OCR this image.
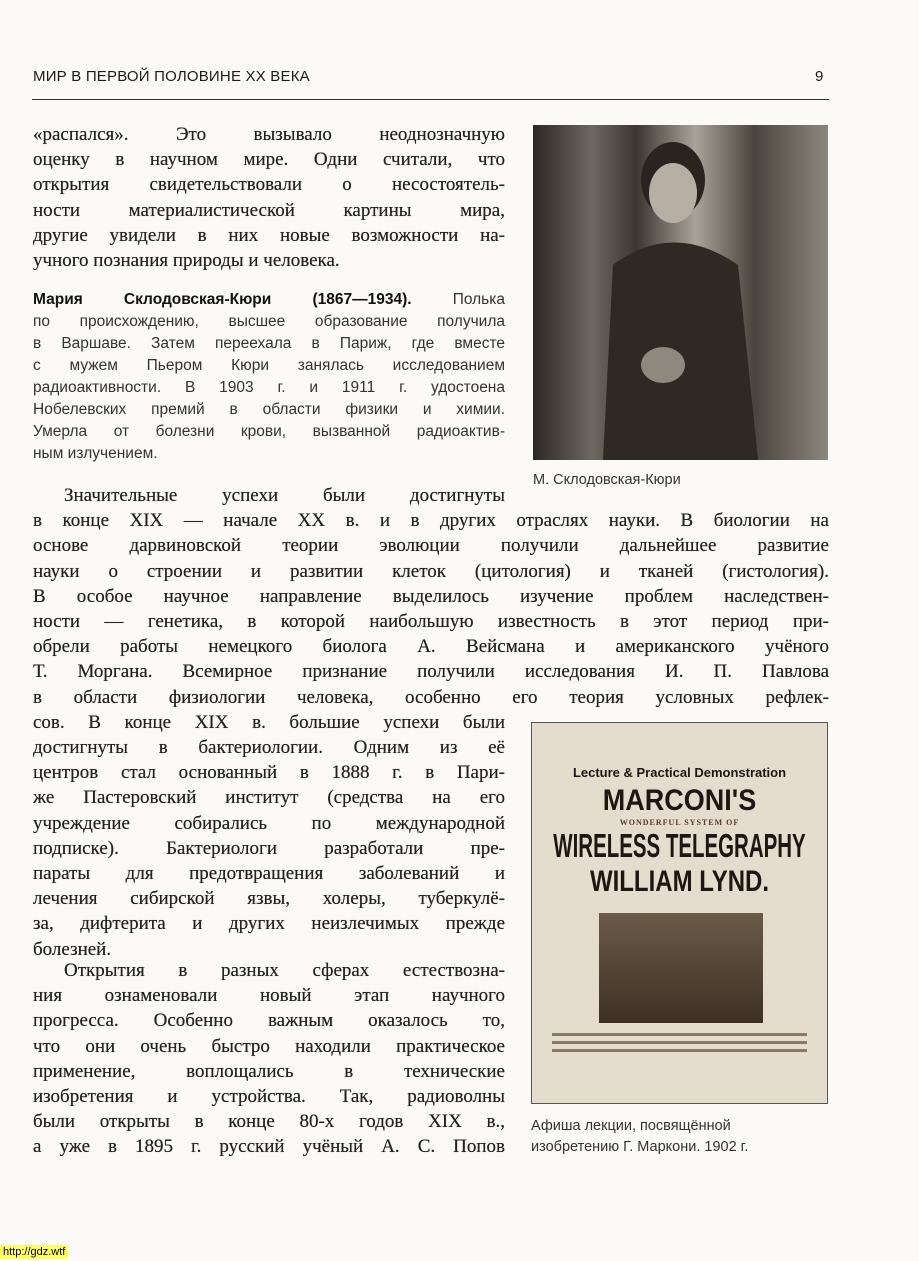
МИР В ПЕРВОЙ ПОЛОВИНЕ XX ВЕКА	9
«распался». Это вызывало неоднозначную
оценку в научном мире. Одни считали, что
открытия свидетельствовали о несостоятель-
ности материалистической картины мира,
другие увидели в них новые возможности на-
учного познания природы и человека.
Мария Склодовская-Кюри (1867—1934). Полька
по происхождению, высшее образование получила
в Варшаве. Затем переехала в Париж, где вместе
с мужем Пьером Кюри занялась исследованием
радиоактивности. В 1903 г. и 1911 г. удостоена
Нобелевских премий в области физики и химии.
Умерла от болезни крови, вызванной радиоактив-
ным излучением.
М. Склодовская-Кюри
Значительные успехи были достигнуты
в конце XIX — начале XX в. и в других отраслях науки. В биологии на
основе дарвиновской теории эволюции получили дальнейшее развитие
науки о строении и развитии клеток (цитология) и тканей (гистология).
В особое научное направление выделилось изучение проблем наследствен-
ности — генетика, в которой наибольшую известность в этот период при-
обрели работы немецкого биолога А. Вейсмана и американского учёного
Т. Моргана. Всемирное признание получили исследования И. П. Павлова
в области физиологии человека, особенно его теория условных рефлек-
сов. В конце XIX в. большие успехи были
достигнуты в бактериологии. Одним из её
центров стал основанный в 1888 г. в Пари-
же Пастеровский институт (средства на его
учреждение собирались по международной
подписке). Бактериологи разработали пре-
параты для предотвращения заболеваний и
лечения сибирской язвы, холеры, туберкулё-
за, дифтерита и других неизлечимых прежде
болезней.
Открытия в разных сферах естествозна-
ния ознаменовали новый этап научного
прогресса. Особенно важным оказалось то,
что они очень быстро находили практическое
применение, воплощались в технические
изобретения и устройства. Так, радиоволны
были открыты в конце 80-х годов XIX в.,
а уже в 1895 г. русский учёный А. С. Попов
Lecture & Practical Demonstration
MARCONI'S
WONDERFUL SYSTEM OF
WIRELESS TELEGRAPHY
WILLIAM LYND.
Афиша лекции, посвящённой
изобретению Г. Маркони. 1902 г.
http://gdz.wtf
